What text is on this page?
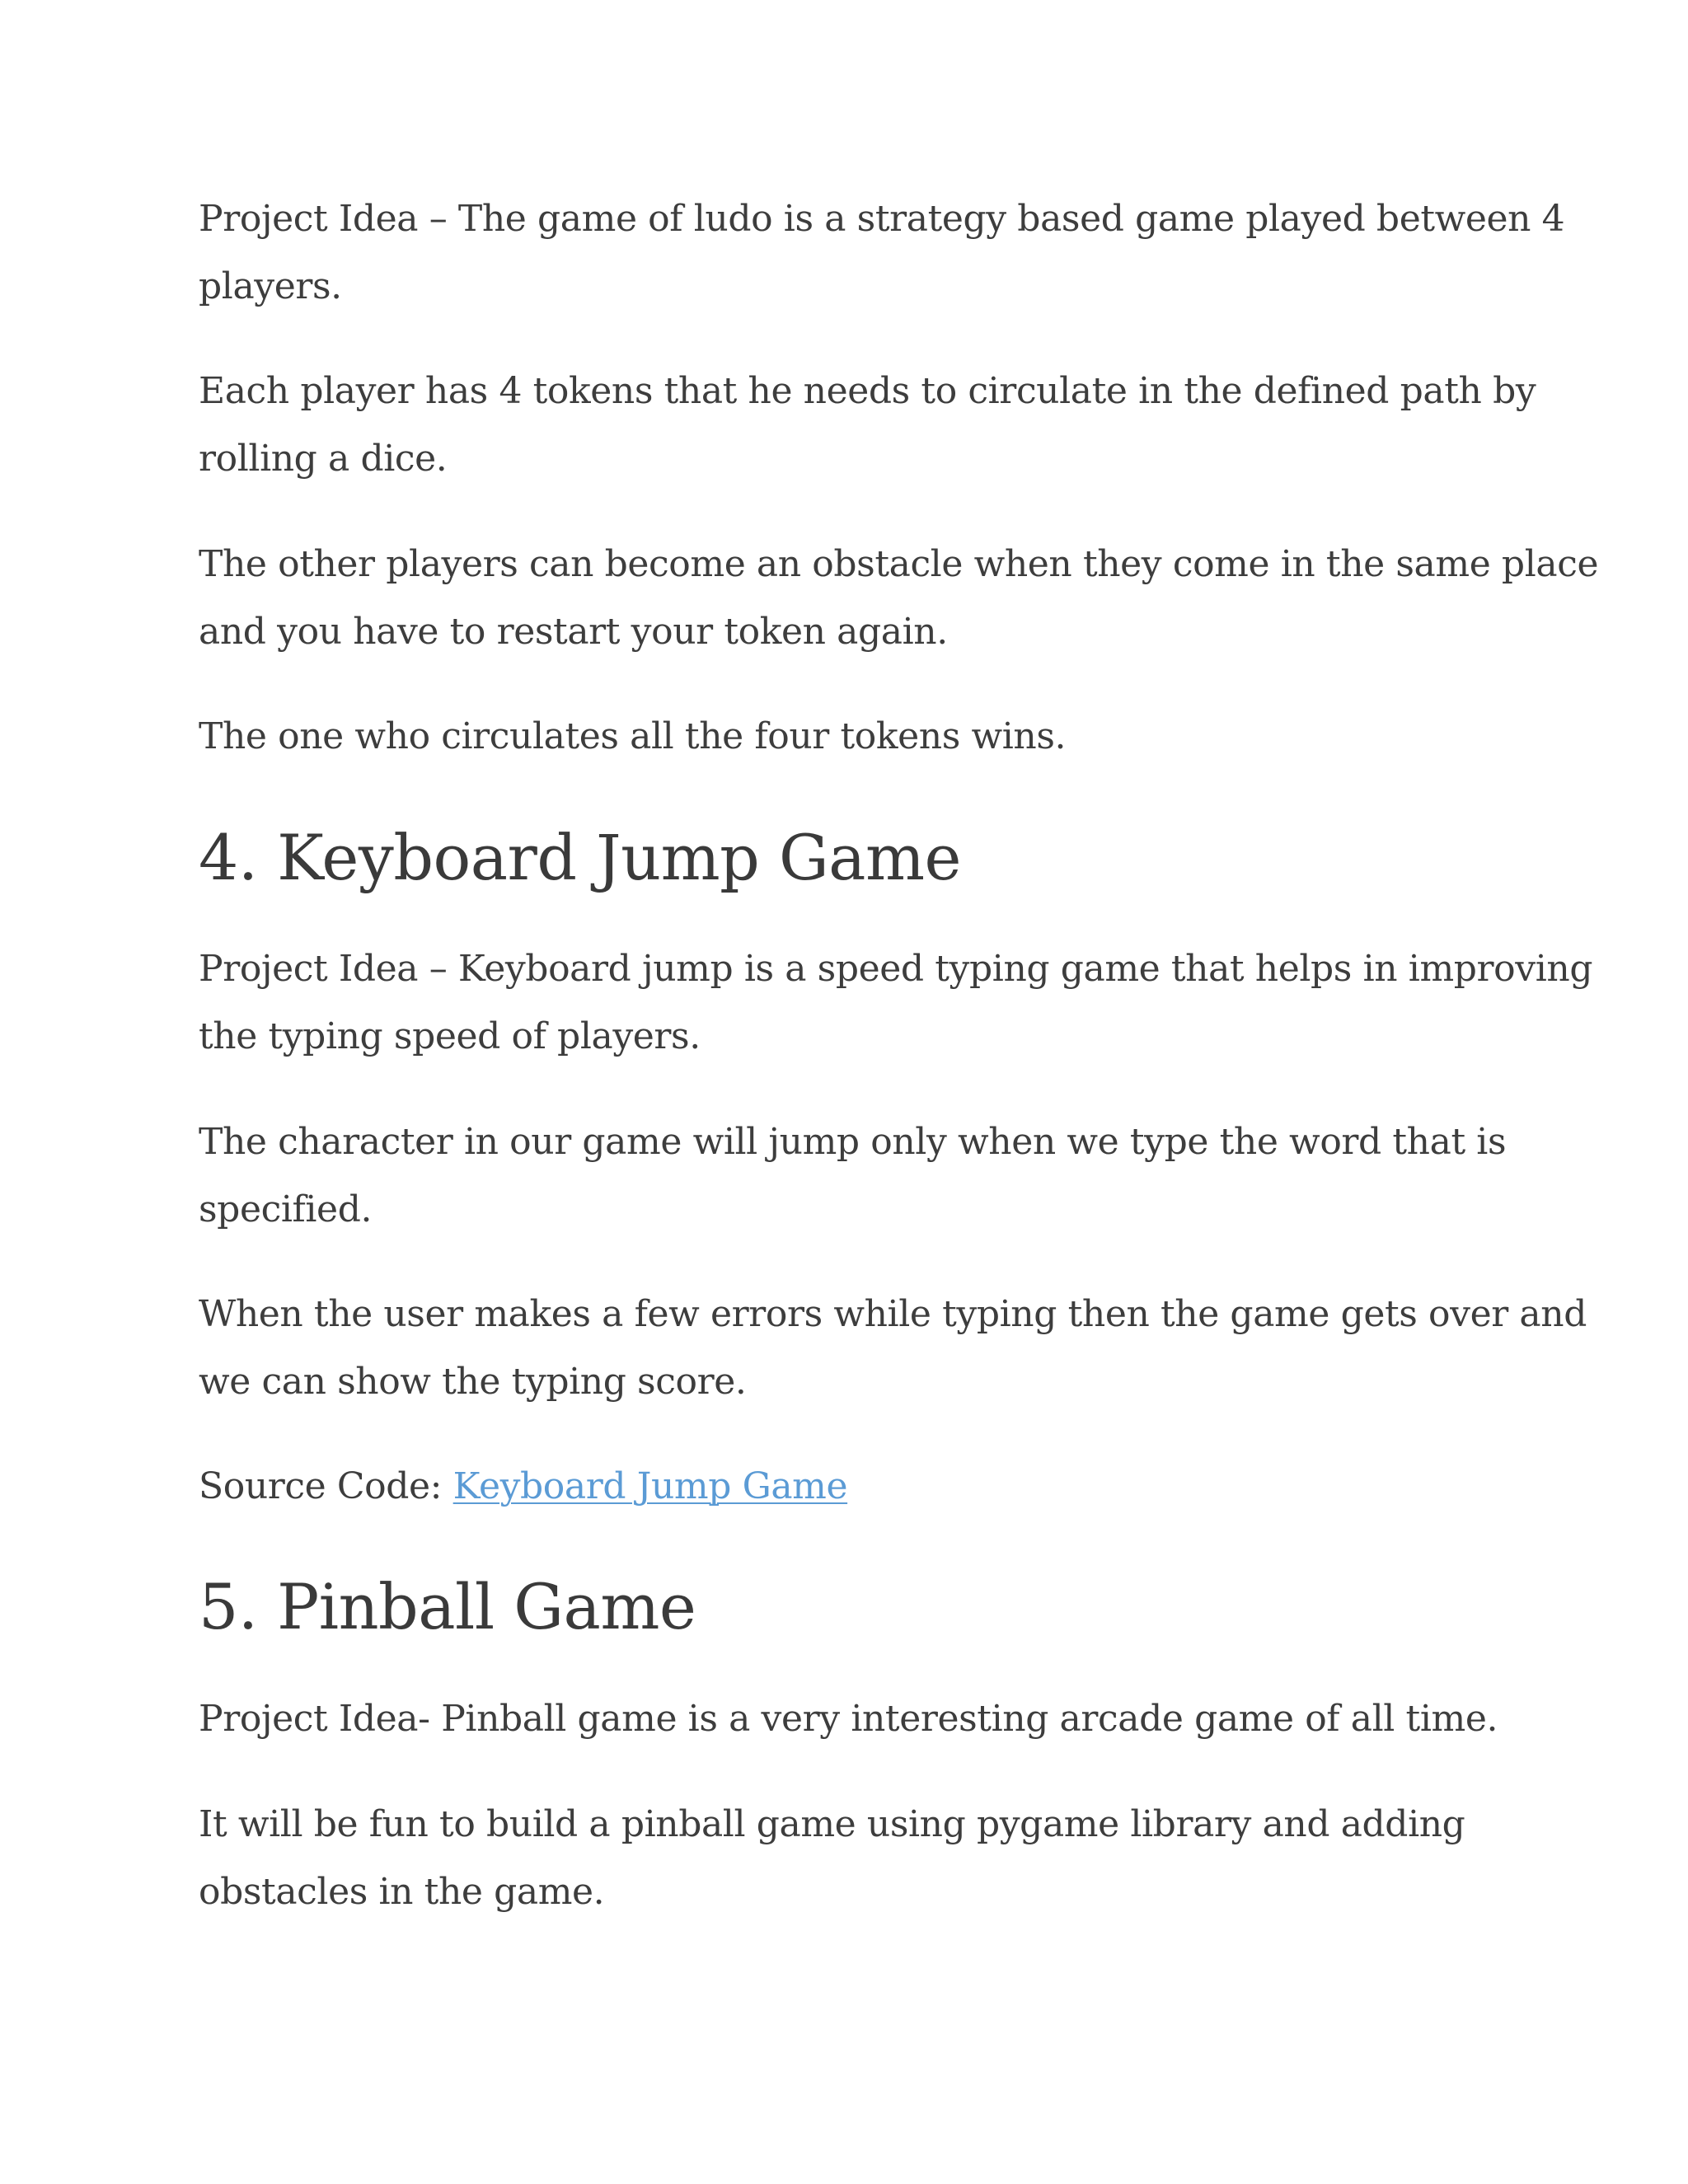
Project Idea – The game of ludo is a strategy based game played between 4
players.

Each player has 4 tokens that he needs to circulate in the defined path by
rolling a dice.

The other players can become an obstacle when they come in the same place
and you have to restart your token again.

The one who circulates all the four tokens wins.

4. Keyboard Jump Game

Project Idea – Keyboard jump is a speed typing game that helps in improving
the typing speed of players.

The character in our game will jump only when we type the word that is
specified.

When the user makes a few errors while typing then the game gets over and
we can show the typing score.

Source Code: Keyboard Jump Game

5. Pinball Game

Project Idea- Pinball game is a very interesting arcade game of all time.

It will be fun to build a pinball game using pygame library and adding
obstacles in the game.
